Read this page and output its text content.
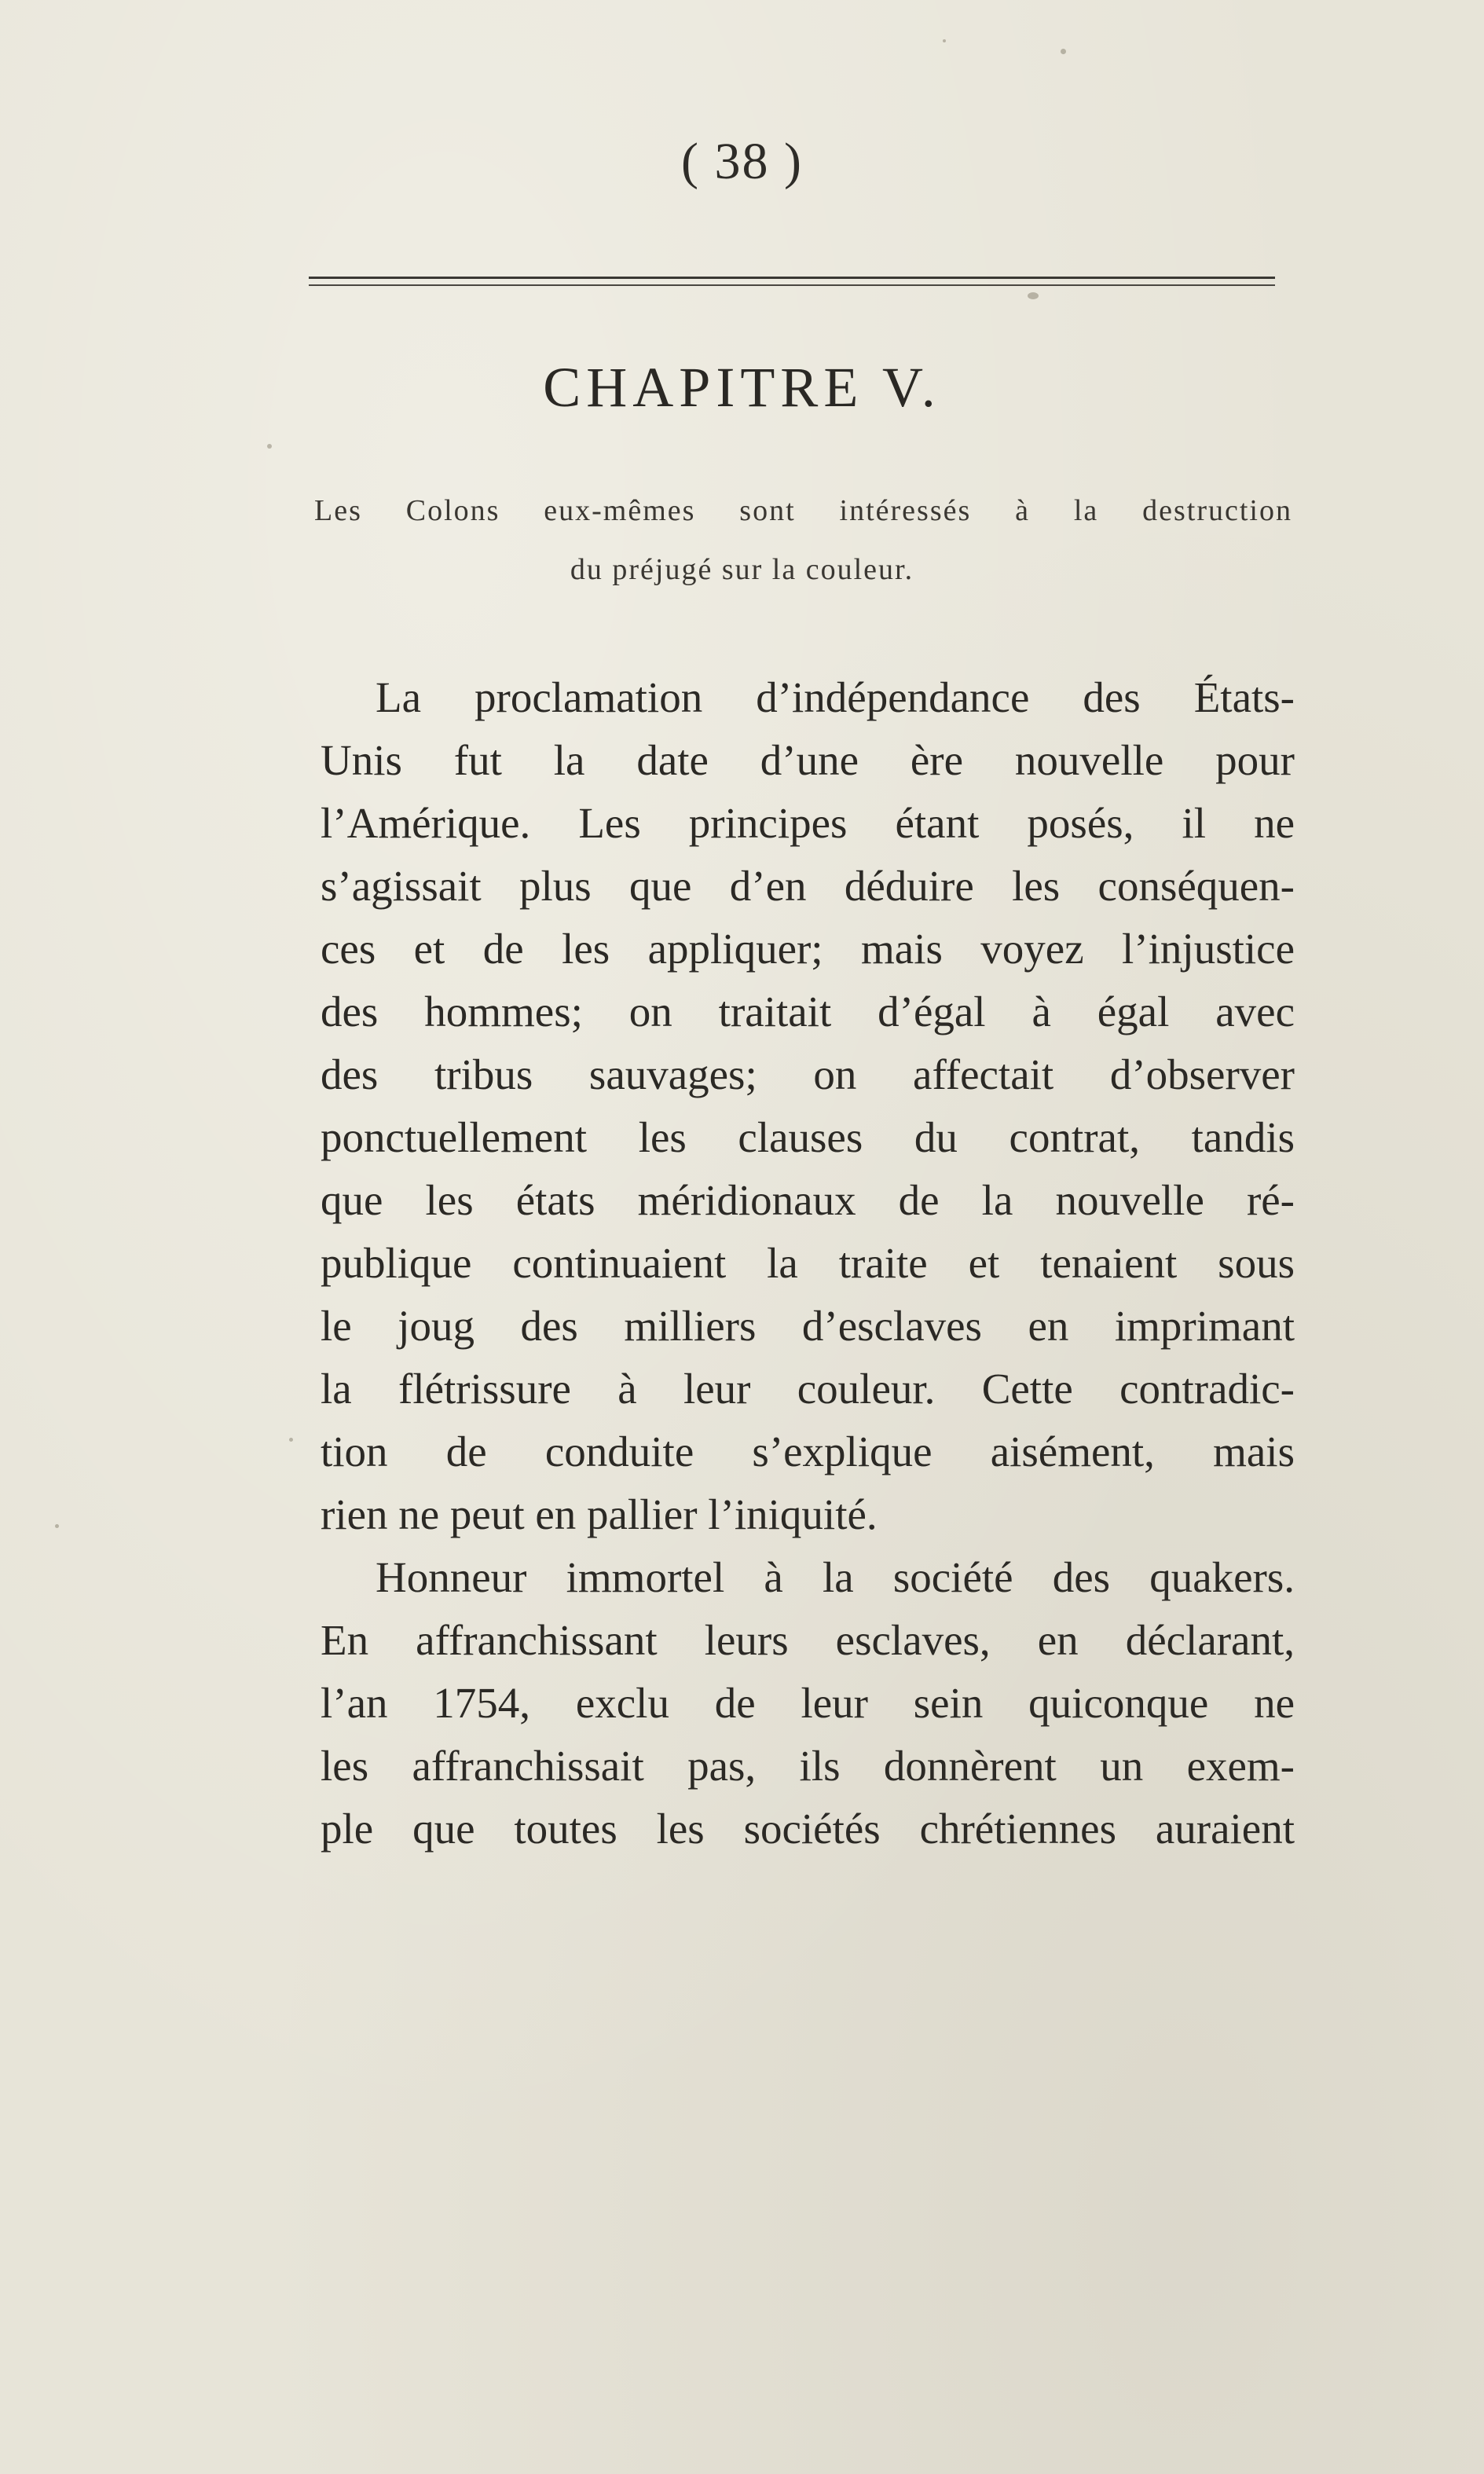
( 38 )
CHAPITRE V.
Les Colons eux-mêmes sont intéressés à la destruction
du préjugé sur la couleur.
La proclamation d’indépendance des États-
Unis fut la date d’une ère nouvelle pour
l’Amérique. Les principes étant posés, il ne
s’agissait plus que d’en déduire les conséquen-
ces et de les appliquer; mais voyez l’injustice
des hommes; on traitait d’égal à égal avec
des tribus sauvages; on affectait d’observer
ponctuellement les clauses du contrat, tandis
que les états méridionaux de la nouvelle ré-
publique continuaient la traite et tenaient sous
le joug des milliers d’esclaves en imprimant
la flétrissure à leur couleur. Cette contradic-
tion de conduite s’explique aisément, mais
rien ne peut en pallier l’iniquité.
Honneur immortel à la société des quakers.
En affranchissant leurs esclaves, en déclarant,
l’an 1754, exclu de leur sein quiconque ne
les affranchissait pas, ils donnèrent un exem-
ple que toutes les sociétés chrétiennes auraient
